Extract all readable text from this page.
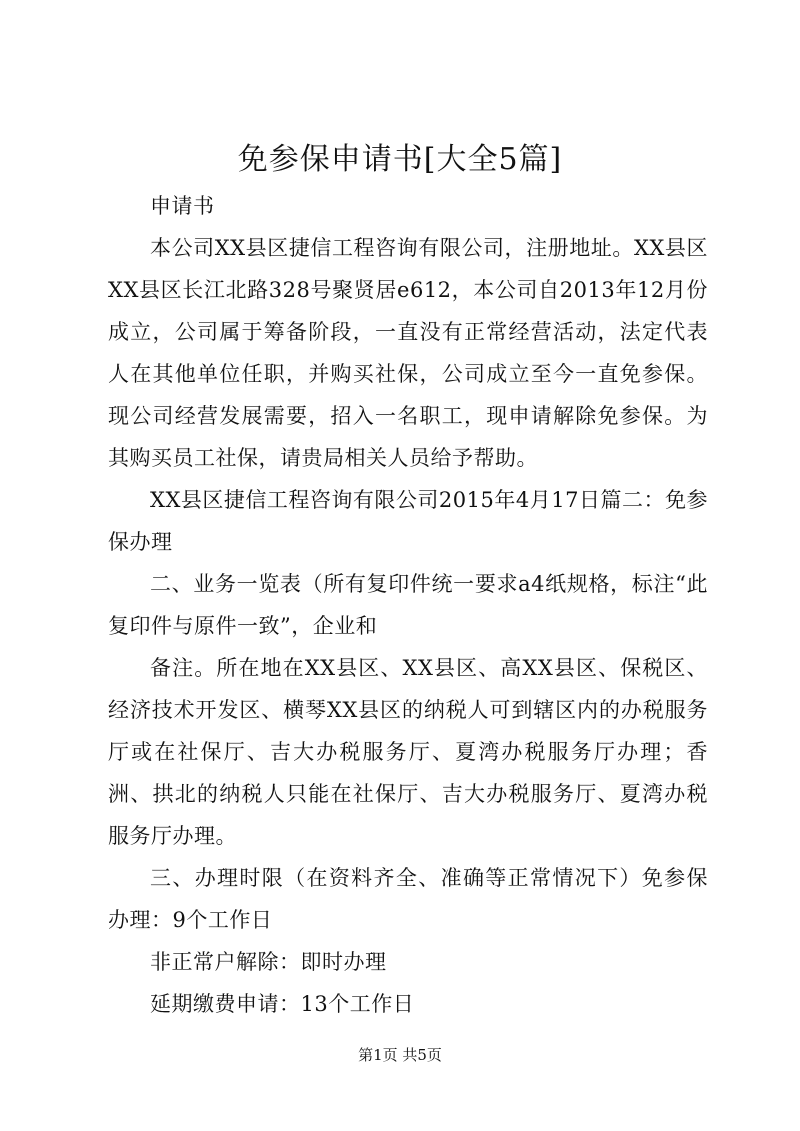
免参保申请书[大全5篇]

申请书

本公司XX县区捷信工程咨询有限公司，注册地址。XX县区XX县区长江北路328号聚贤居e612，本公司自2013年12月份成立，公司属于筹备阶段，一直没有正常经营活动，法定代表人在其他单位任职，并购买社保，公司成立至今一直免参保。现公司经营发展需要，招入一名职工，现申请解除免参保。为其购买员工社保，请贵局相关人员给予帮助。

XX县区捷信工程咨询有限公司2015年4月17日篇二：免参保办理

二、业务一览表（所有复印件统一要求a4纸规格，标注“此复印件与原件一致”，企业和

备注。所在地在XX县区、XX县区、高XX县区、保税区、经济技术开发区、横琴XX县区的纳税人可到辖区内的办税服务厅或在社保厅、吉大办税服务厅、夏湾办税服务厅办理；香洲、拱北的纳税人只能在社保厅、吉大办税服务厅、夏湾办税服务厅办理。

三、办理时限（在资料齐全、准确等正常情况下）免参保办理：9个工作日

非正常户解除：即时办理

延期缴费申请：13个工作日

第1页 共5页
